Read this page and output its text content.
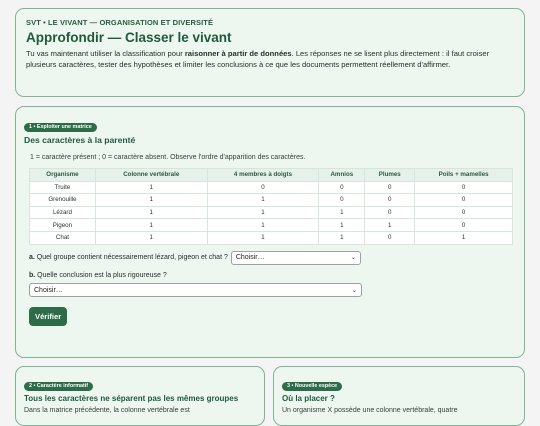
SVT • LE VIVANT — ORGANISATION ET DIVERSITÉ
Approfondir — Classer le vivant

Tu vas maintenant utiliser la classification pour raisonner à partir de données. Les réponses ne se lisent plus directement : il faut croiser plusieurs caractères, tester des hypothèses et limiter les conclusions à ce que les documents permettent réellement d'affirmer.

1 • Exploiter une matrice
Des caractères à la parenté
1 = caractère présent ; 0 = caractère absent. Observe l'ordre d'apparition des caractères.
Organisme	Colonne vertébrale	4 membres à doigts	Amnios	Plumes	Poils + mamelles
Truite	1	0	0	0	0
Grenouille	1	1	0	0	0
Lézard	1	1	1	0	0
Pigeon	1	1	1	1	0
Chat	1	1	1	0	1
a. Quel groupe contient nécessairement lézard, pigeon et chat ? Choisir…	⌄
b. Quelle conclusion est la plus rigoureuse ?
Choisir…	⌄
Vérifier
2 • Caractère informatif
Tous les caractères ne séparent pas les mêmes groupes
Dans la matrice précédente, la colonne vertébrale est
3 • Nouvelle espèce
Où la placer ?
Un organisme X possède une colonne vertébrale, quatre
